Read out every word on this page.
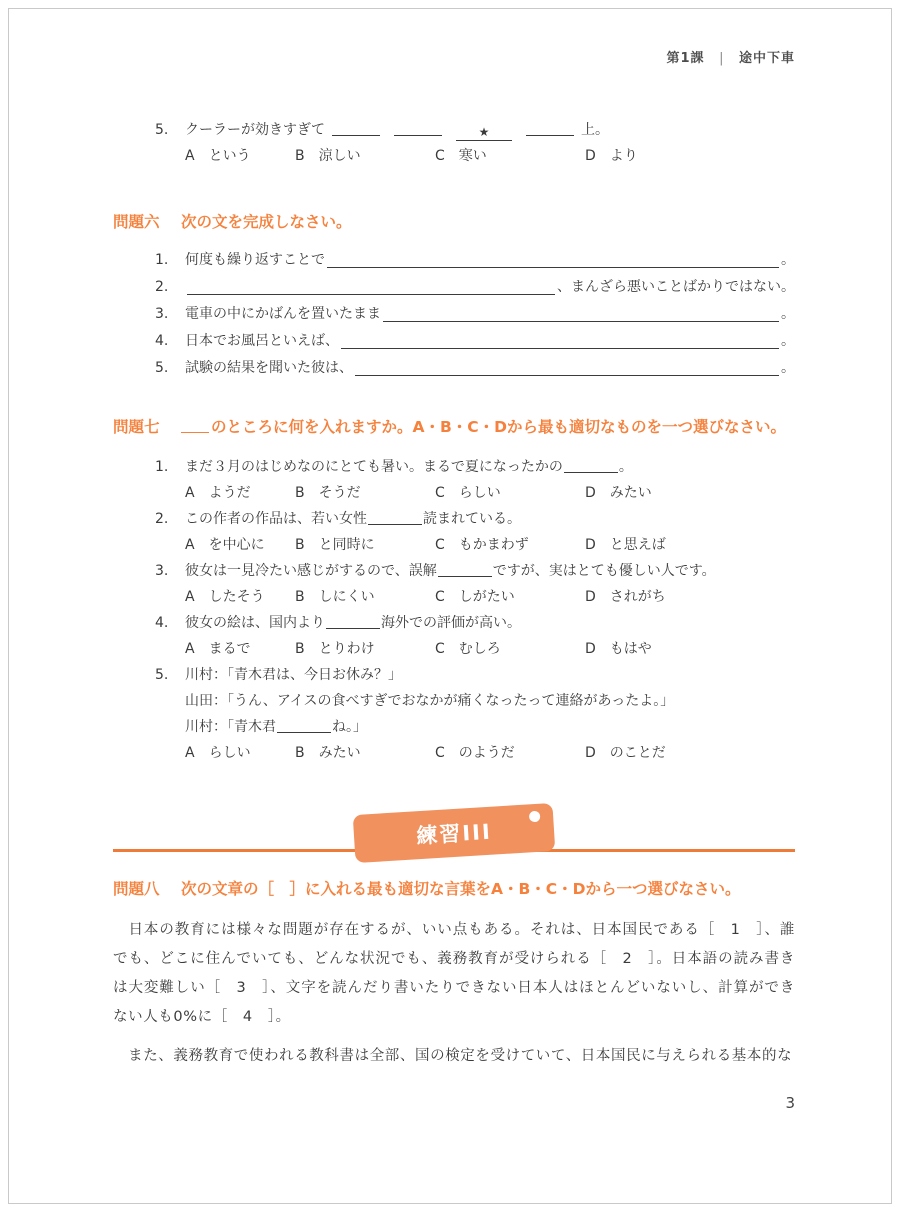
第1課 | 途中下車
5.	クーラーが効きすぎて	★	上。
A という	B 涼しい	C 寒い	D より
問題六	次の文を完成しなさい。
1.	何度も繰り返すことで	。
2.	、まんざら悪いことばかりではない。
3.	電車の中にかばんを置いたまま	。
4.	日本でお風呂といえば、	。
5.	試験の結果を聞いた彼は、	。
問題七	のところに何を入れますか。A・B・C・Dから最も適切なものを一つ選びなさい。
1.	まだ３月のはじめなのにとても暑い。まるで夏になったかの	。
A ようだ	B そうだ	C らしい	D みたい
2.	この作者の作品は、若い女性	読まれている。
A を中心に	B と同時に	C もかまわず	D と思えば
3.	彼女は一見冷たい感じがするので、誤解	ですが、実はとても優しい人です。
A したそう	B しにくい	C しがたい	D されがち
4.	彼女の絵は、国内より	海外での評価が高い。
A まるで	B とりわけ	C むしろ	D もはや
5.	川村：「青木君は、今日お休み？」
山田：「うん、アイスの食べすぎでおなかが痛くなったって連絡があったよ。」
川村：「青木君	ね。」
A らしい	B みたい	C のようだ	D のことだ
練習III
問題八	次の文章の［　］に入れる最も適切な言葉をA・B・C・Dから一つ選びなさい。
　日本の教育には様々な問題が存在するが、いい点もある。それは、日本国民である［　1　］、誰でも、どこに住んでいても、どんな状況でも、義務教育が受けられる［　2　］。日本語の読み書きは大変難しい［　3　］、文字を読んだり書いたりできない日本人はほとんどいないし、計算ができない人も0%に［　4　］。
　また、義務教育で使われる教科書は全部、国の検定を受けていて、日本国民に与えられる基本的な
3
